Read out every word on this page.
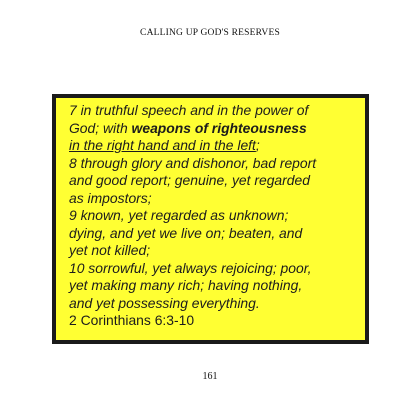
CALLING UP GOD'S RESERVES
7 in truthful speech and in the power of
God; with weapons of righteousness
in the right hand and in the left;
8 through glory and dishonor, bad report
and good report; genuine, yet regarded
as impostors;
9 known, yet regarded as unknown;
dying, and yet we live on; beaten, and
yet not killed;
10 sorrowful, yet always rejoicing; poor,
yet making many rich; having nothing,
and yet possessing everything.
2 Corinthians 6:3-10
161
